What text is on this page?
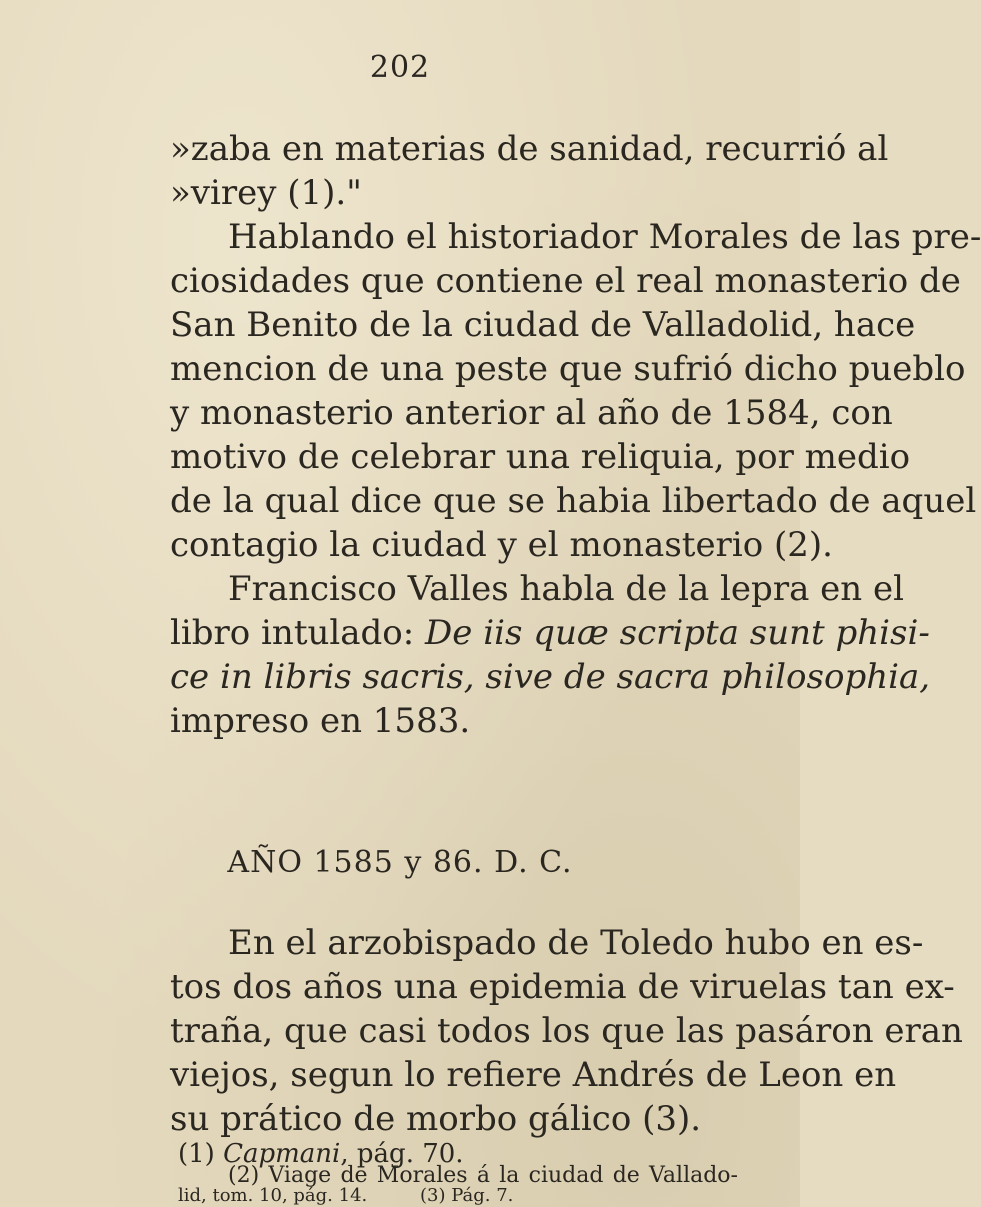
202
»zaba en materias de sanidad, recurrió al
»virey (1)."
Hablando el historiador Morales de las pre-
ciosidades que contiene el real monasterio de
San Benito de la ciudad de Valladolid, hace
mencion de una peste que sufrió dicho pueblo
y monasterio anterior al año de 1584, con
motivo de celebrar una reliquia, por medio
de la qual dice que se habia libertado de aquel
contagio la ciudad y el monasterio (2).
Francisco Valles habla de la lepra en el
libro intulado: De iis quæ scripta sunt phisi-
ce in libris sacris, sive de sacra philosophia,
impreso en 1583.
AÑO 1585 y 86. D. C.
En el arzobispado de Toledo hubo en es-
tos dos años una epidemia de viruelas tan ex-
traña, que casi todos los que las pasáron eran
viejos, segun lo refiere Andrés de Leon en
su prático de morbo gálico (3).
(1) Capmani, pág. 70.
(2) Viage de Morales á la ciudad de Vallado-
lid, tom. 10, pág. 14.	(3) Pág. 7.
